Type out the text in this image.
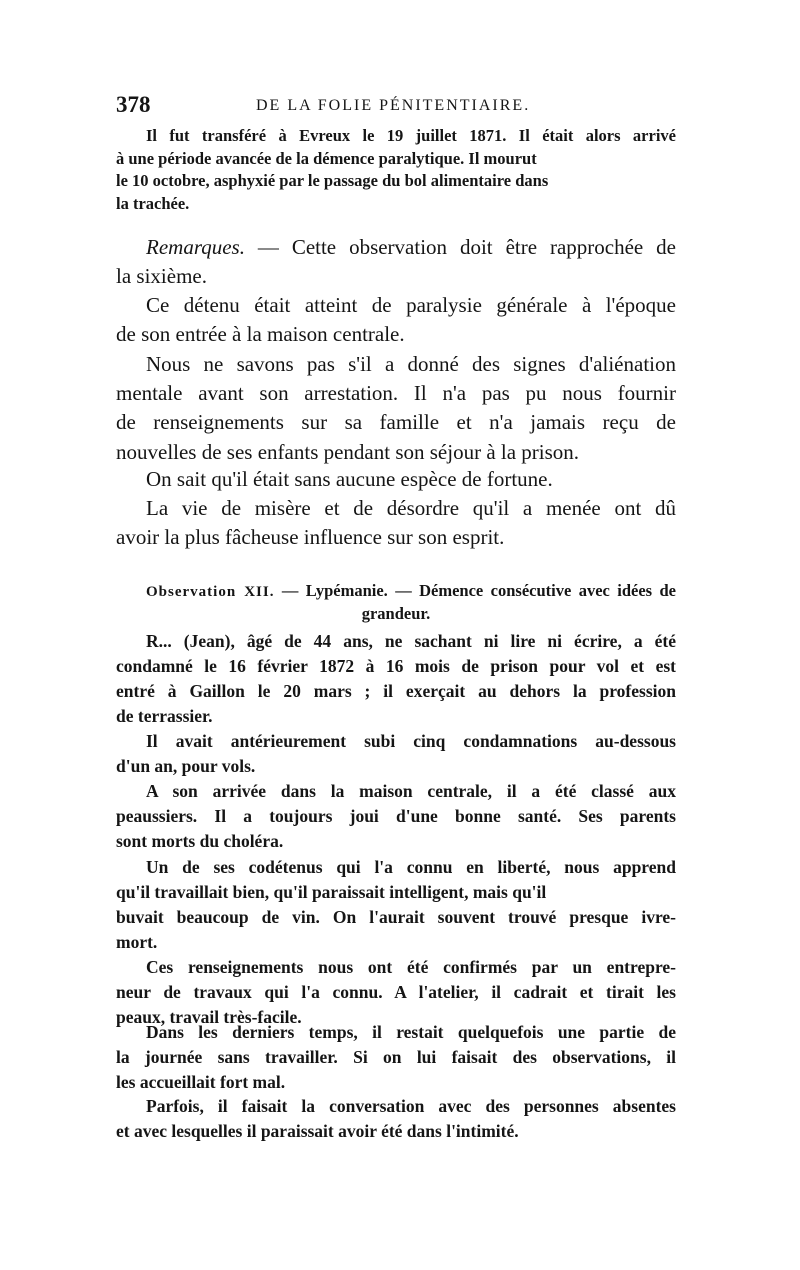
378	DE LA FOLIE PÉNITENTIAIRE.
Il fut transféré à Evreux le 19 juillet 1871. Il était alors arrivé
à une période avancée de la démence paralytique. Il mourut
le 10 octobre, asphyxié par le passage du bol alimentaire dans
la trachée.
Remarques. — Cette observation doit être rapprochée de
la sixième.
Ce détenu était atteint de paralysie générale à l'époque
de son entrée à la maison centrale.
Nous ne savons pas s'il a donné des signes d'aliénation
mentale avant son arrestation. Il n'a pas pu nous fournir
de renseignements sur sa famille et n'a jamais reçu de
nouvelles de ses enfants pendant son séjour à la prison.
On sait qu'il était sans aucune espèce de fortune.
La vie de misère et de désordre qu'il a menée ont dû
avoir la plus fâcheuse influence sur son esprit.
Observation XII. — Lypémanie. — Démence consécutive avec idées de
grandeur.
R... (Jean), âgé de 44 ans, ne sachant ni lire ni écrire, a été
condamné le 16 février 1872 à 16 mois de prison pour vol et est
entré à Gaillon le 20 mars ; il exerçait au dehors la profession
de terrassier.
Il avait antérieurement subi cinq condamnations au-dessous
d'un an, pour vols.
A son arrivée dans la maison centrale, il a été classé aux
peaussiers. Il a toujours joui d'une bonne santé. Ses parents
sont morts du choléra.
Un de ses codétenus qui l'a connu en liberté, nous apprend
qu'il travaillait bien, qu'il paraissait intelligent, mais qu'il
buvait beaucoup de vin. On l'aurait souvent trouvé presque ivre-
mort.
Ces renseignements nous ont été confirmés par un entrepre-
neur de travaux qui l'a connu. A l'atelier, il cadrait et tirait les
peaux, travail très-facile.
Dans les derniers temps, il restait quelquefois une partie de
la journée sans travailler. Si on lui faisait des observations, il
les accueillait fort mal.
Parfois, il faisait la conversation avec des personnes absentes
et avec lesquelles il paraissait avoir été dans l'intimité.
